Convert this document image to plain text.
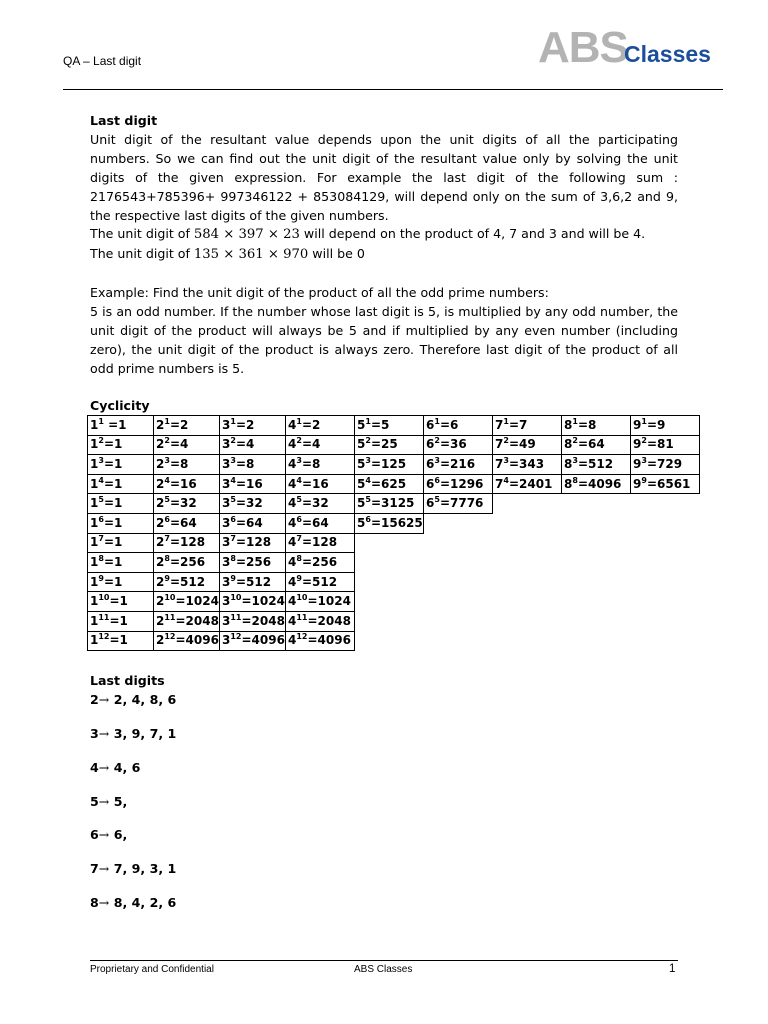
QA – Last digit	ABS
Classes
Last digit
Unit digit of the resultant value depends upon the unit digits of all the participating numbers. So we can find out the unit digit of the resultant value only by solving the unit digits of the given expression. For example the last digit of the following sum : 2176543+785396+ 997346122 + 853084129, will depend only on the sum of 3,6,2 and 9, the respective last digits of the given numbers.
The unit digit of 584 × 397 × 23 will depend on the product of 4, 7 and 3 and will be 4.
The unit digit of 135 × 361 × 970 will be 0
Example: Find the unit digit of the product of all the odd prime numbers:
5 is an odd number. If the number whose last digit is 5, is multiplied by any odd number, the unit digit of the product will always be 5 and if multiplied by any even number (including zero), the unit digit of the product is always zero. Therefore last digit of the product of all odd prime numbers is 5.
Cyclicity
$1^1 =1$	$2^1=2$	$3^1=2$	$4^1=2$	$5^1=5$	$6^1=6$	$7^1=7$	$8^1=8$	$9^1=9$
$1^2=1$	$2^2=4$	$3^2=4$	$4^2=4$	$5^2=25$	$6^2=36$	$7^2=49$	$8^2=64$	$9^2=81$
$1^3=1$	$2^3=8$	$3^3=8$	$4^3=8$	$5^3=125$	$6^3=216$	$7^3=343$	$8^3=512$	$9^3=729$
$1^4=1$	$2^4=16$	$3^4=16$	$4^4=16$	$5^4=625$	$6^6=1296$	$7^4=2401$	$8^8=4096$	$9^9=6561$
$1^5=1$	$2^5=32$	$3^5=32$	$4^5=32$	$5^5=3125$	$6^5=7776$			
$1^6=1$	$2^6=64$	$3^6=64$	$4^6=64$	$5^6=15625$				
$1^7=1$	$2^7=128$	$3^7=128$	$4^7=128$					
$1^8=1$	$2^8=256$	$3^8=256$	$4^8=256$					
$1^9=1$	$2^9=512$	$3^9=512$	$4^9=512$					
$1^{10}=1$	$2^{10}=1024$	$3^{10}=1024$	$4^{10}=1024$					
$1^{11}=1$	$2^{11}=2048$	$3^{11}=2048$	$4^{11}=2048$					
$1^{12}=1$	$2^{12}=4096$	$3^{12}=4096$	$4^{12}=4096$					
Last digits
2→ 2, 4, 8, 6
3→ 3, 9, 7, 1
4→ 4, 6
5→ 5,
6→ 6,
7→ 7, 9, 3, 1
8→ 8, 4, 2, 6
Proprietary and Confidential	ABS Classes	1
